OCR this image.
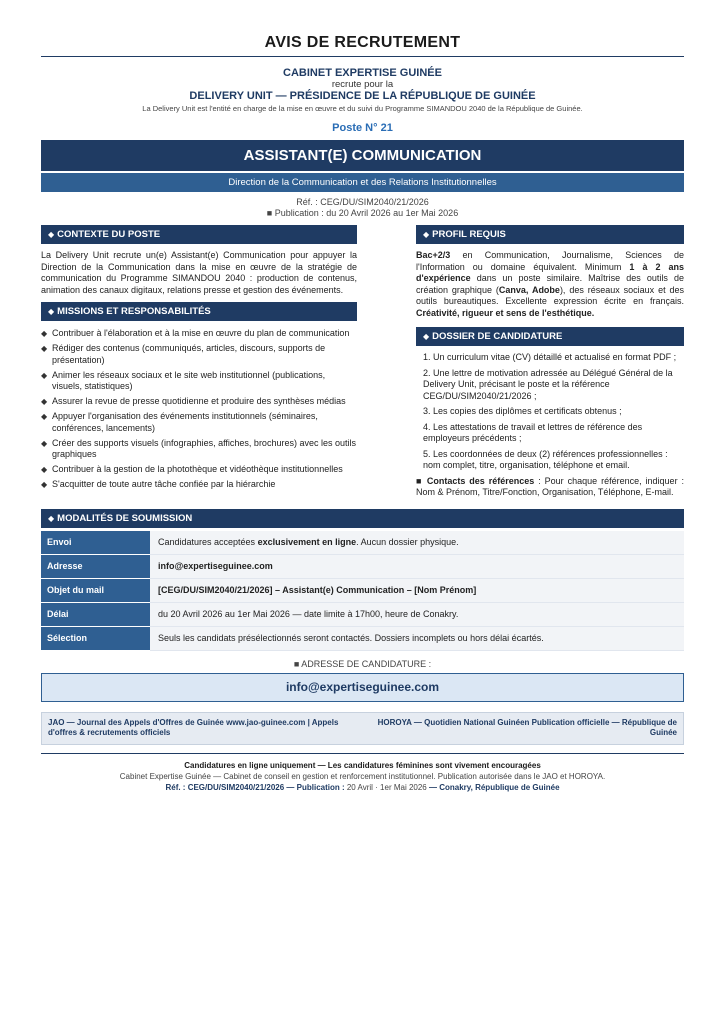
AVIS DE RECRUTEMENT
CABINET EXPERTISE GUINÉE
recrute pour la
DELIVERY UNIT — PRÉSIDENCE DE LA RÉPUBLIQUE DE GUINÉE
La Delivery Unit est l'entité en charge de la mise en œuvre et du suivi du Programme SIMANDOU 2040 de la République de Guinée.
Poste N° 21
ASSISTANT(E) COMMUNICATION
Direction de la Communication et des Relations Institutionnelles
Réf. : CEG/DU/SIM2040/21/2026
■ Publication : du 20 Avril 2026 au 1er Mai 2026
◆ CONTEXTE DU POSTE
La Delivery Unit recrute un(e) Assistant(e) Communication pour appuyer la Direction de la Communication dans la mise en œuvre de la stratégie de communication du Programme SIMANDOU 2040 : production de contenus, animation des canaux digitaux, relations presse et gestion des événements.
◆ MISSIONS ET RESPONSABILITÉS
◆ Contribuer à l'élaboration et à la mise en œuvre du plan de communication
◆ Rédiger des contenus (communiqués, articles, discours, supports de présentation)
◆ Animer les réseaux sociaux et le site web institutionnel (publications, visuels, statistiques)
◆ Assurer la revue de presse quotidienne et produire des synthèses médias
◆ Appuyer l'organisation des événements institutionnels (séminaires, conférences, lancements)
◆ Créer des supports visuels (infographies, affiches, brochures) avec les outils graphiques
◆ Contribuer à la gestion de la photothèque et vidéothèque institutionnelles
◆ S'acquitter de toute autre tâche confiée par la hiérarchie
◆ PROFIL REQUIS
Bac+2/3 en Communication, Journalisme, Sciences de l'Information ou domaine équivalent. Minimum 1 à 2 ans d'expérience dans un poste similaire. Maîtrise des outils de création graphique (Canva, Adobe), des réseaux sociaux et des outils bureautiques. Excellente expression écrite en français. Créativité, rigueur et sens de l'esthétique.
◆ DOSSIER DE CANDIDATURE
1. Un curriculum vitae (CV) détaillé et actualisé en format PDF ;
2. Une lettre de motivation adressée au Délégué Général de la Delivery Unit, précisant le poste et la référence CEG/DU/SIM2040/21/2026 ;
3. Les copies des diplômes et certificats obtenus ;
4. Les attestations de travail et lettres de référence des employeurs précédents ;
5. Les coordonnées de deux (2) références professionnelles : nom complet, titre, organisation, téléphone et email.
■ Contacts des références : Pour chaque référence, indiquer : Nom & Prénom, Titre/Fonction, Organisation, Téléphone, E-mail.
◆ MODALITÉS DE SOUMISSION
Envoi	Candidatures acceptées exclusivement en ligne. Aucun dossier physique.
Adresse	info@expertiseguinee.com
Objet du mail	[CEG/DU/SIM2040/21/2026] – Assistant(e) Communication – [Nom Prénom]
Délai	du 20 Avril 2026 au 1er Mai 2026 — date limite à 17h00, heure de Conakry.
Sélection	Seuls les candidats présélectionnés seront contactés. Dossiers incomplets ou hors délai écartés.
■ ADRESSE DE CANDIDATURE :
info@expertiseguinee.com
JAO — Journal des Appels d'Offres de Guinée www.jao-guinee.com | Appels d'offres & recrutements officiels
HOROYA — Quotidien National Guinéen Publication officielle — République de Guinée
Candidatures en ligne uniquement — Les candidatures féminines sont vivement encouragées
Cabinet Expertise Guinée — Cabinet de conseil en gestion et renforcement institutionnel. Publication autorisée dans le JAO et HOROYA.
Réf. : CEG/DU/SIM2040/21/2026 — Publication : 20 Avril · 1er Mai 2026 — Conakry, République de Guinée
